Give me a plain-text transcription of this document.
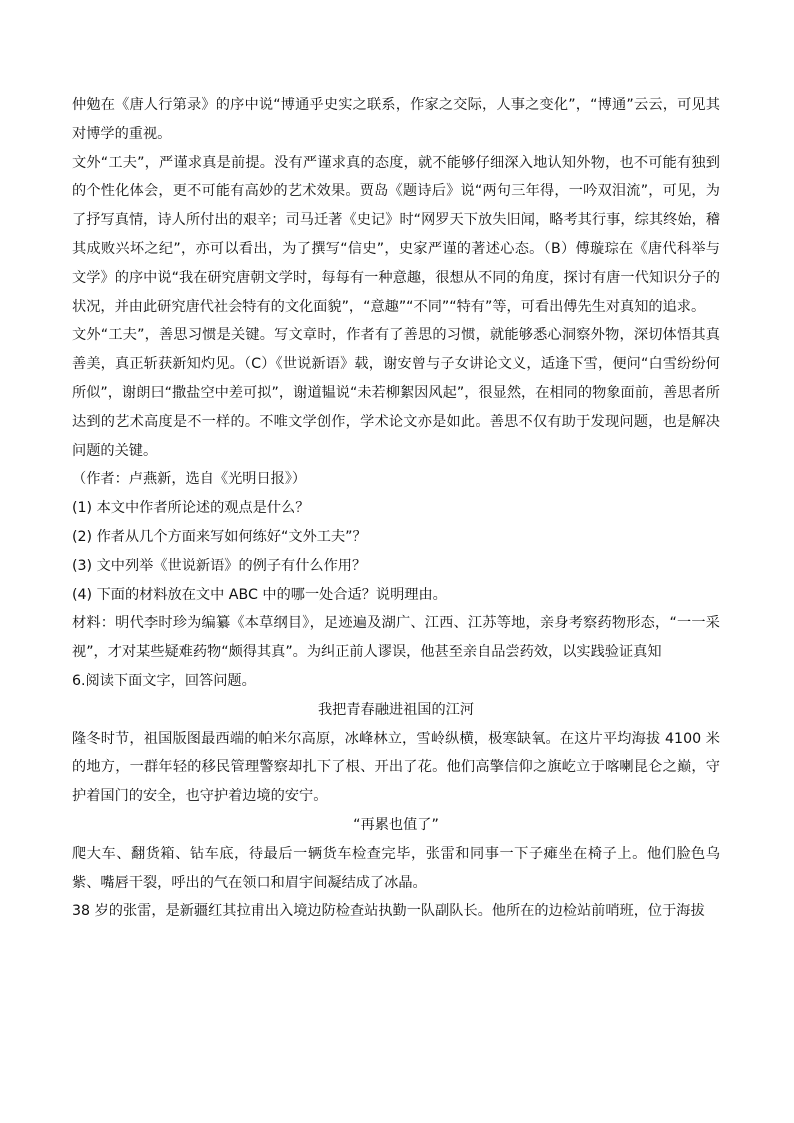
仲勉在《唐人行第录》的序中说“博通乎史实之联系，作家之交际，人事之变化”，“博通”云云，可见其对博学的重视。

文外“工夫”，严谨求真是前提。没有严谨求真的态度，就不能够仔细深入地认知外物，也不可能有独到的个性化体会，更不可能有高妙的艺术效果。贾岛《题诗后》说“两句三年得，一吟双泪流”，可见，为了抒写真情，诗人所付出的艰辛；司马迁著《史记》时“网罗天下放失旧闻，略考其行事，综其终始，稽其成败兴坏之纪”，亦可以看出，为了撰写“信史”，史家严谨的著述心态。（B）傅璇琮在《唐代科举与文学》的序中说“我在研究唐朝文学时，每每有一种意趣，很想从不同的角度，探讨有唐一代知识分子的状况，并由此研究唐代社会特有的文化面貌”，“意趣”“不同”“特有”等，可看出傅先生对真知的追求。

文外“工夫”，善思习惯是关键。写文章时，作者有了善思的习惯，就能够悉心洞察外物，深切体悟其真善美，真正斩获新知灼见。（C）《世说新语》载，谢安曾与子女讲论文义，适逢下雪，便问“白雪纷纷何所似”，谢朗曰“撒盐空中差可拟”，谢道韫说“未若柳絮因风起”，很显然，在相同的物象面前，善思者所达到的艺术高度是不一样的。不唯文学创作，学术论文亦是如此。善思不仅有助于发现问题，也是解决问题的关键。

（作者：卢燕新，选自《光明日报》）

(1) 本文中作者所论述的观点是什么？

(2) 作者从几个方面来写如何练好“文外工夫”？

(3) 文中列举《世说新语》的例子有什么作用？

(4) 下面的材料放在文中 ABC 中的哪一处合适？说明理由。

材料：明代李时珍为编纂《本草纲目》，足迹遍及湖广、江西、江苏等地，亲身考察药物形态，“一一采视”，才对某些疑难药物“颇得其真”。为纠正前人谬误，他甚至亲自品尝药效，以实践验证真知

6.阅读下面文字，回答问题。

我把青春融进祖国的江河

隆冬时节，祖国版图最西端的帕米尔高原，冰峰林立，雪岭纵横，极寒缺氧。在这片平均海拔 4100 米的地方，一群年轻的移民管理警察却扎下了根、开出了花。他们高擎信仰之旗屹立于喀喇昆仑之巅，守护着国门的安全，也守护着边境的安宁。

“再累也值了”

爬大车、翻货箱、钻车底，待最后一辆货车检查完毕，张雷和同事一下子瘫坐在椅子上。他们脸色乌紫、嘴唇干裂，呼出的气在领口和眉宇间凝结成了冰晶。

38 岁的张雷，是新疆红其拉甫出入境边防检查站执勤一队副队长。他所在的边检站前哨班，位于海拔
